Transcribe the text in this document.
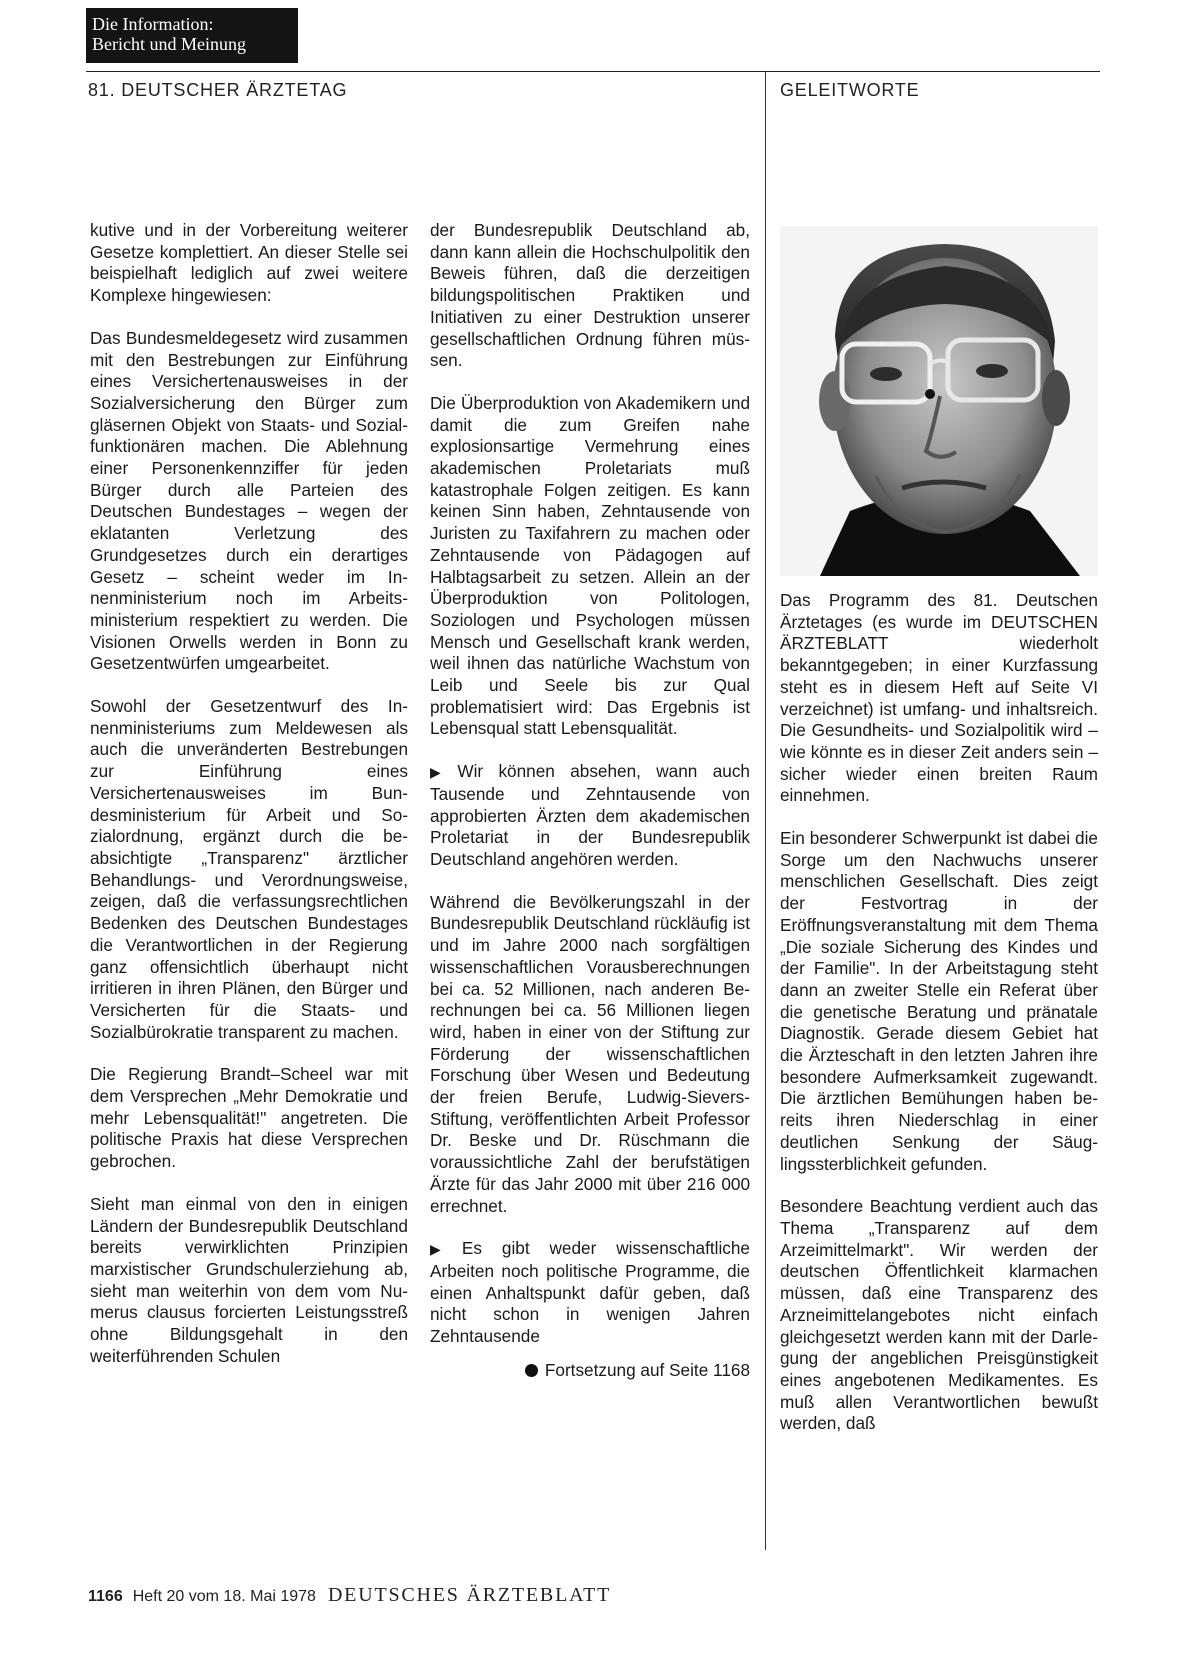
Die Information:
Bericht und Meinung
81. DEUTSCHER ÄRZTETAG	GELEITWORTE

kutive und in der Vorbereitung weiterer Gesetze komplettiert. An dieser Stelle sei beispielhaft lediglich auf zwei weitere Komplexe hingewiesen:

Das Bundesmeldegesetz wird zusammen mit den Bestrebungen zur Einführung eines Versichertenausweises in der Sozialversicherung den Bürger zum gläsernen Objekt von Staats- und Sozialfunktionären machen. Die Ablehnung einer Personenkennziffer für jeden Bürger durch alle Parteien des Deutschen Bundestages – wegen der eklatanten Verletzung des Grundgesetzes durch ein derartiges Gesetz – scheint weder im Innenministerium noch im Arbeitsministerium respektiert zu werden. Die Visionen Orwells werden in Bonn zu Gesetzentwürfen umgearbeitet.

Sowohl der Gesetzentwurf des Innenministeriums zum Meldewesen als auch die unveränderten Bestrebungen zur Einführung eines Versichertenausweises im Bundesministerium für Arbeit und Sozialordnung, ergänzt durch die beabsichtigte „Transparenz" ärztlicher Behandlungs- und Verordnungsweise, zeigen, daß die verfassungsrechtlichen Bedenken des Deutschen Bundestages die Verantwortlichen in der Regierung ganz offensichtlich überhaupt nicht irritieren in ihren Plänen, den Bürger und Versicherten für die Staats- und Sozialbürokratie transparent zu machen.

Die Regierung Brandt–Scheel war mit dem Versprechen „Mehr Demokratie und mehr Lebensqualität!" angetreten. Die politische Praxis hat diese Versprechen gebrochen.

Sieht man einmal von den in einigen Ländern der Bundesrepublik Deutschland bereits verwirklichten Prinzipien marxistischer Grundschulerziehung ab, sieht man weiterhin von dem vom Numerus clausus forcierten Leistungsstreß ohne Bildungsgehalt in den weiterführenden Schulen

der Bundesrepublik Deutschland ab, dann kann allein die Hochschulpolitik den Beweis führen, daß die derzeitigen bildungspolitischen Praktiken und Initiativen zu einer Destruktion unserer gesellschaftlichen Ordnung führen müssen.

Die Überproduktion von Akademikern und damit die zum Greifen nahe explosionsartige Vermehrung eines akademischen Proletariats muß katastrophale Folgen zeitigen. Es kann keinen Sinn haben, Zehntausende von Juristen zu Taxifahrern zu machen oder Zehntausende von Pädagogen auf Halbtagsarbeit zu setzen. Allein an der Überproduktion von Politologen, Soziologen und Psychologen müssen Mensch und Gesellschaft krank werden, weil ihnen das natürliche Wachstum von Leib und Seele bis zur Qual problematisiert wird: Das Ergebnis ist Lebensqual statt Lebensqualität.

▶ Wir können absehen, wann auch Tausende und Zehntausende von approbierten Ärzten dem akademischen Proletariat in der Bundesrepublik Deutschland angehören werden.

Während die Bevölkerungszahl in der Bundesrepublik Deutschland rückläufig ist und im Jahre 2000 nach sorgfältigen wissenschaftlichen Vorausberechnungen bei ca. 52 Millionen, nach anderen Berechnungen bei ca. 56 Millionen liegen wird, haben in einer von der Stiftung zur Förderung der wissenschaftlichen Forschung über Wesen und Bedeutung der freien Berufe, Ludwig-Sievers-Stiftung, veröffentlichten Arbeit Professor Dr. Beske und Dr. Rüschmann die voraussichtliche Zahl der berufstätigen Ärzte für das Jahr 2000 mit über 216 000 errechnet.

▶ Es gibt weder wissenschaftliche Arbeiten noch politische Programme, die einen Anhaltspunkt dafür geben, daß nicht schon in wenigen Jahren Zehntausende

Fortsetzung auf Seite 1168

Das Programm des 81. Deutschen Ärztetages (es wurde im DEUTSCHEN ÄRZTEBLATT wiederholt bekanntgegeben; in einer Kurzfassung steht es in diesem Heft auf Seite VI verzeichnet) ist umfang- und inhaltsreich. Die Gesundheits- und Sozialpolitik wird – wie könnte es in dieser Zeit anders sein – sicher wieder einen breiten Raum einnehmen.

Ein besonderer Schwerpunkt ist dabei die Sorge um den Nachwuchs unserer menschlichen Gesellschaft. Dies zeigt der Festvortrag in der Eröffnungsveranstaltung mit dem Thema „Die soziale Sicherung des Kindes und der Familie". In der Arbeitstagung steht dann an zweiter Stelle ein Referat über die genetische Beratung und pränatale Diagnostik. Gerade diesem Gebiet hat die Ärzteschaft in den letzten Jahren ihre besondere Aufmerksamkeit zugewandt. Die ärztlichen Bemühungen haben bereits ihren Niederschlag in einer deutlichen Senkung der Säuglingssterblichkeit gefunden.

Besondere Beachtung verdient auch das Thema „Transparenz auf dem Arzeimittelmarkt". Wir werden der deutschen Öffentlichkeit klarmachen müssen, daß eine Transparenz des Arzneimittelangebotes nicht einfach gleichgesetzt werden kann mit der Darlegung der angeblichen Preisgünstigkeit eines angebotenen Medikamentes. Es muß allen Verantwortlichen bewußt werden, daß

1166 Heft 20 vom 18. Mai 1978 DEUTSCHES ÄRZTEBLATT
